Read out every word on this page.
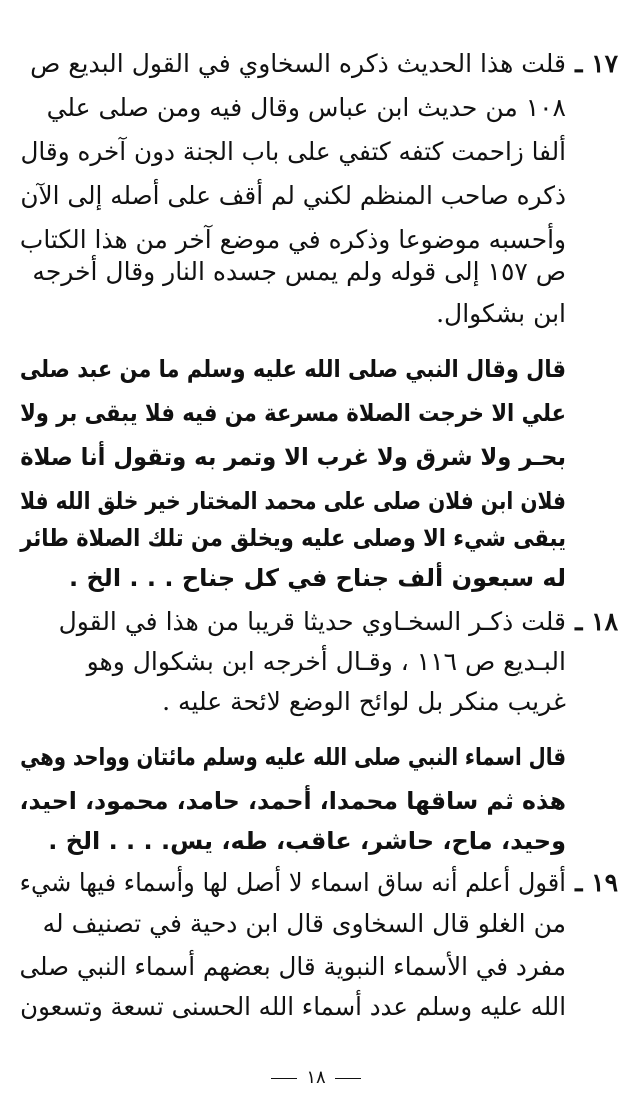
١٧ ـ
قلت هذا الحديث ذكره السخاوي في القول البديع ص
١٠٨ من حديث ابن عباس وقال فيه ومن صلى علي
ألفا زاحمت كتفه كتفي على باب الجنة دون آخره وقال
ذكره صاحب المنظم لكني لم أقف على أصله إلى الآن
وأحسبه موضوعا وذكره في موضع آخر من هذا الكتاب
ص ١٥٧ إلى قوله ولم يمس جسده النار وقال أخرجه
ابن بشكوال.
قال وقال النبي صلى الله عليه وسلم ما من عبد صلى
علي الا خرجت الصلاة مسرعة من فيه فلا يبقى بر ولا
بحـر ولا شرق ولا غرب الا وتمر به وتقول أنا صلاة
فلان ابن فلان صلى على محمد المختار خير خلق الله فلا
يبقى شيء الا وصلى عليه ويخلق من تلك الصلاة طائر
له سبعون ألف جناح في كل جناح . . . الخ .
١٨ ـ
قلت ذكـر السخـاوي حديثا قريبا من هذا في القول
البـديع ص ١١٦ ، وقـال أخرجه ابن بشكوال وهو
غريب منكر بل لوائح الوضع لائحة عليه .
قال اسماء النبي صلى الله عليه وسلم مائتان وواحد وهي
هذه ثم ساقها محمدا، أحمد، حامد، محمود، احيد،
وحيد، ماح، حاشر، عاقب، طه، يس. . . . الخ .
١٩ ـ
أقول أعلم أنه ساق اسماء لا أصل لها وأسماء فيها شيء
من الغلو قال السخاوى قال ابن دحية في تصنيف له
مفرد في الأسماء النبوية قال بعضهم أسماء النبي صلى
الله عليه وسلم عدد أسماء الله الحسنى تسعة وتسعون
١٨
